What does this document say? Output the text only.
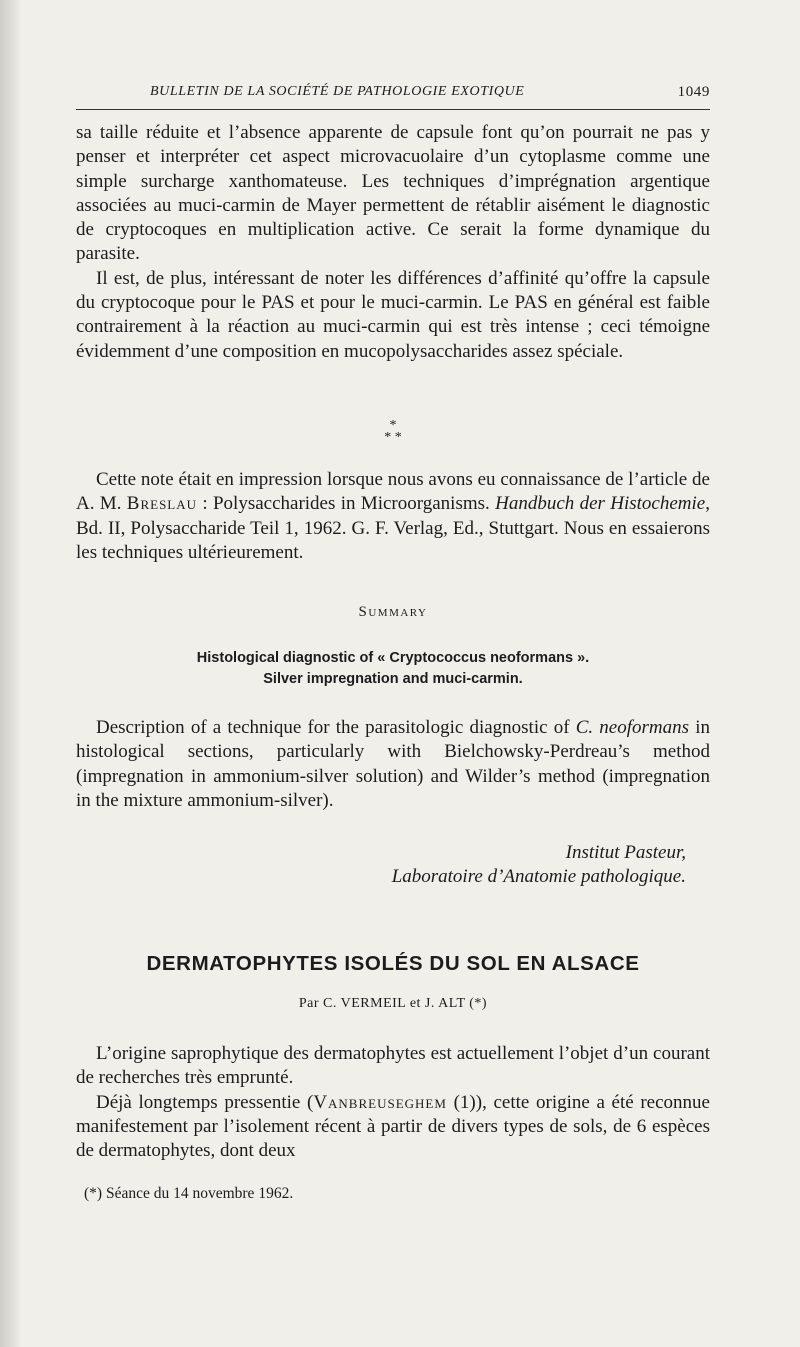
BULLETIN DE LA SOCIÉTÉ DE PATHOLOGIE EXOTIQUE	1049

sa taille réduite et l’absence apparente de capsule font qu’on pourrait ne pas y penser et interpréter cet aspect microvacuolaire d’un cytoplasme comme une simple surcharge xanthomateuse. Les techniques d’imprégnation argentique associées au muci-carmin de Mayer permettent de rétablir aisément le diagnostic de cryptocoques en multiplication active. Ce serait la forme dynamique du parasite.

Il est, de plus, intéressant de noter les différences d’affinité qu’offre la capsule du cryptocoque pour le PAS et pour le muci-carmin. Le PAS en général est faible contrairement à la réaction au muci-carmin qui est très intense ; ceci témoigne évidemment d’une composition en mucopolysaccharides assez spéciale.

*
* *

Cette note était en impression lorsque nous avons eu connaissance de l’article de A. M. Breslau : Polysaccharides in Microorganisms. Handbuch der Histochemie, Bd. II, Polysaccharide Teil 1, 1962. G. F. Verlag, Ed., Stuttgart. Nous en essaierons les techniques ultérieurement.

Summary
Histological diagnostic of « Cryptococcus neoformans ».
Silver impregnation and muci-carmin.

Description of a technique for the parasitologic diagnostic of C. neoformans in histological sections, particularly with Bielchowsky-Perdreau’s method (impregnation in ammonium-silver solution) and Wilder’s method (impregnation in the mixture ammonium-silver).

Institut Pasteur,
Laboratoire d’Anatomie pathologique.
DERMATOPHYTES ISOLÉS DU SOL EN ALSACE
Par C. VERMEIL et J. ALT (*)

L’origine saprophytique des dermatophytes est actuellement l’objet d’un courant de recherches très emprunté.

Déjà longtemps pressentie (Vanbreuseghem (1)), cette origine a été reconnue manifestement par l’isolement récent à partir de divers types de sols, de 6 espèces de dermatophytes, dont deux

(*) Séance du 14 novembre 1962.
